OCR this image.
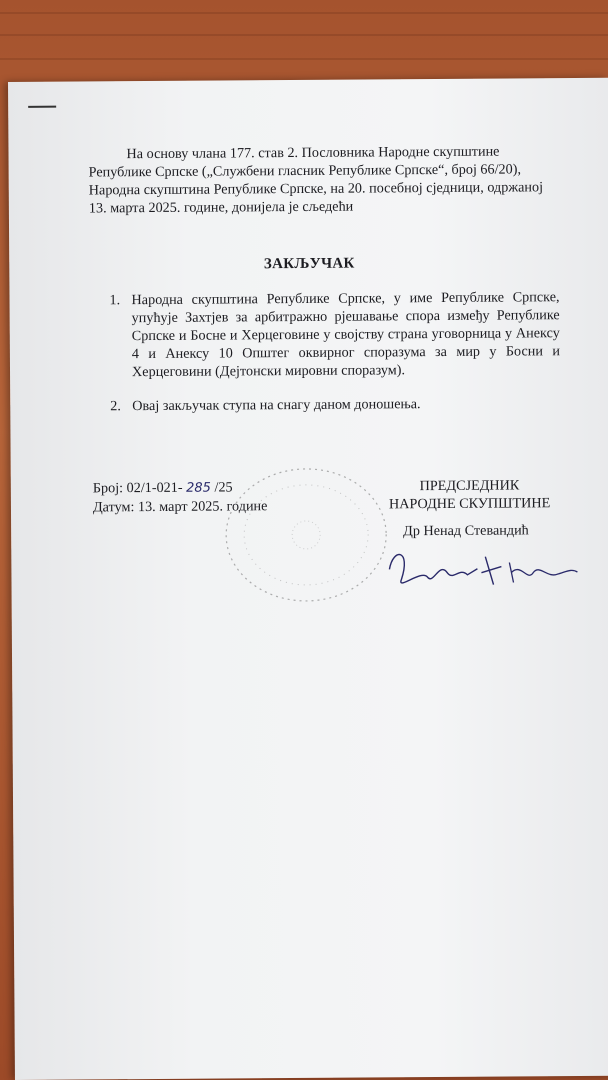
На основу члана 177. став 2. Пословника Народне скупштине

Републике Српске („Службени гласник Републике Српске“, број 66/20),

Народна скупштина Републике Српске, на 20. посебној сједници, одржаној

13. марта 2025. године, донијела је сљедећи

ЗАКЉУЧАК
1. Народна скупштина Републике Српске, у име Републике Српске, упућује Захтјев за арбитражно рјешавање спора између Републике Српске и Босне и Херцеговине у својству страна уговорница у Анексу 4 и Анексу 10 Општег оквирног споразума за мир у Босни и Херцеговини (Дејтонски мировни споразум).
2. Овај закључак ступа на снагу даном доношења.
Број: 02/1-021- 285 /25
Датум: 13. март 2025. године
ПРЕДСЈЕДНИК
НАРОДНЕ СКУПШТИНЕ
Др Ненад Стевандић
